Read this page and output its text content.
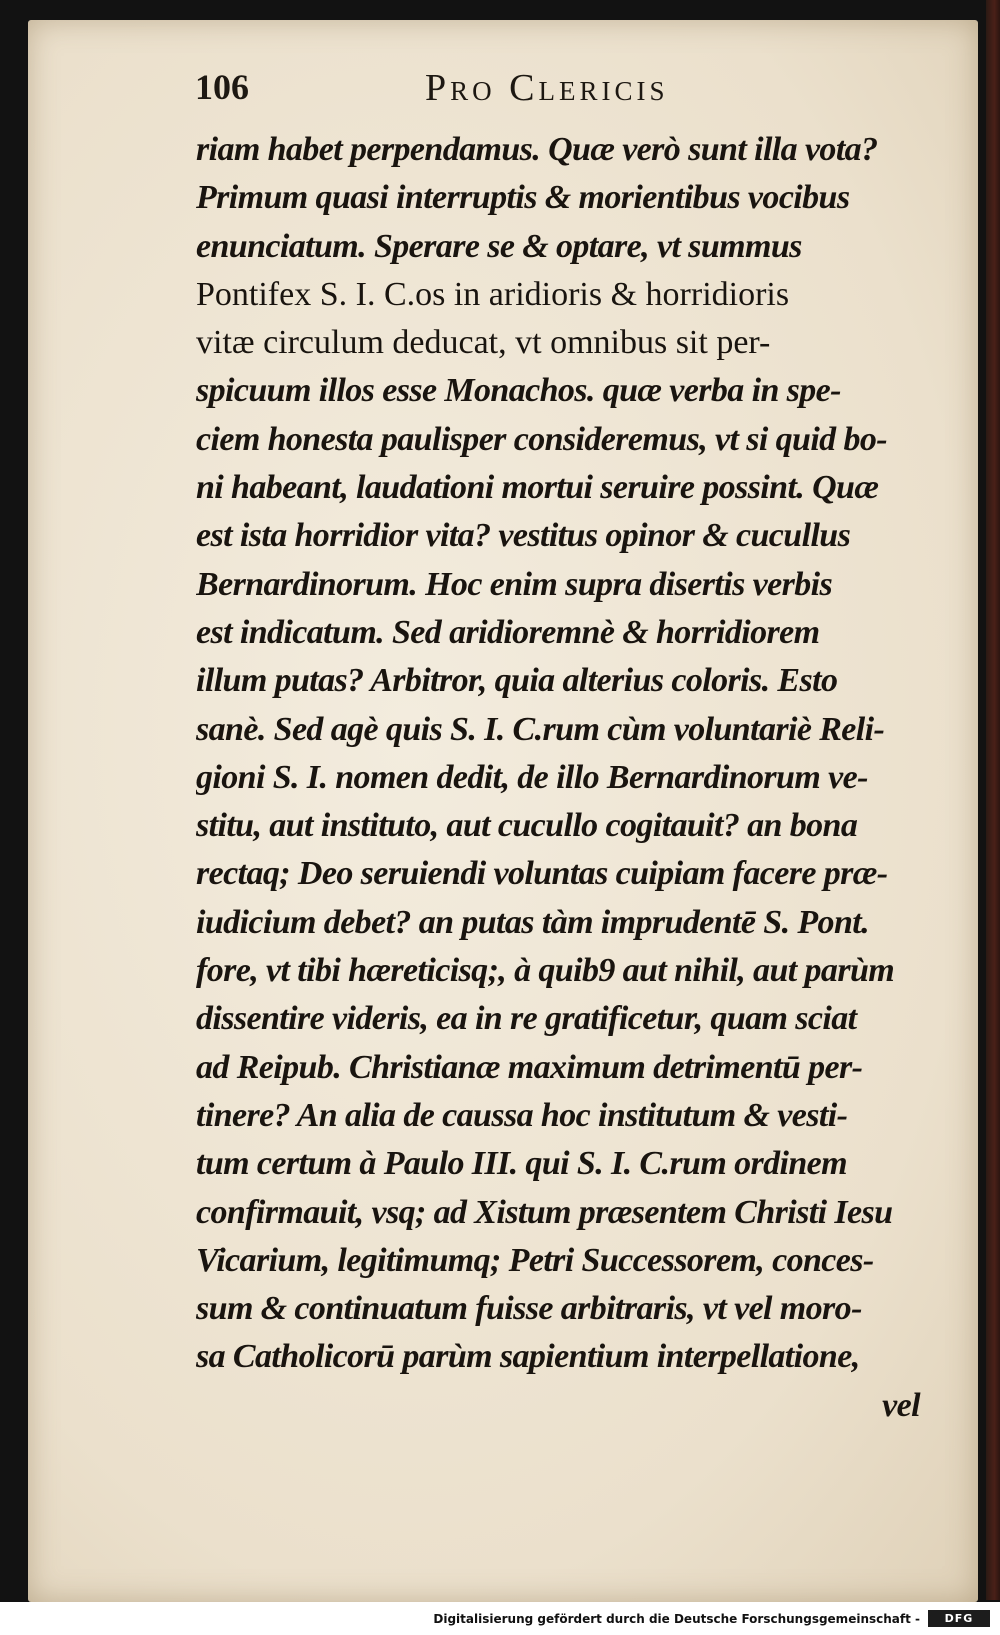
106	Pro Clericis
riam habet perpendamus. Quæ verò sunt illa vota?
Primum quasi interruptis & morientibus vocibus
enunciatum. Sperare se & optare, vt summus
Pontifex S. I. C.os in aridioris & horridioris
vitæ circulum deducat, vt omnibus sit per-
spicuum illos esse Monachos. quæ verba in spe-
ciem honesta paulisper consideremus, vt si quid bo-
ni habeant, laudationi mortui seruire possint. Quæ
est ista horridior vita? vestitus opinor & cucullus
Bernardinorum. Hoc enim supra disertis verbis
est indicatum. Sed aridioremnè & horridiorem
illum putas? Arbitror, quia alterius coloris. Esto
sanè. Sed agè quis S. I. C.rum cùm voluntariè Reli-
gioni S. I. nomen dedit, de illo Bernardinorum ve-
stitu, aut instituto, aut cucullo cogitauit? an bona
rectaq; Deo seruiendi voluntas cuipiam facere præ-
iudicium debet? an putas tàm imprudentē S. Pont.
fore, vt tibi hæreticisq;, à quib9 aut nihil, aut parùm
dissentire videris, ea in re gratificetur, quam sciat
ad Reipub. Christianæ maximum detrimentū per-
tinere? An alia de caussa hoc institutum & vesti-
tum certum à Paulo III. qui S. I. C.rum ordinem
confirmauit, vsq; ad Xistum præsentem Christi Iesu
Vicarium, legitimumq; Petri Successorem, conces-
sum & continuatum fuisse arbitraris, vt vel moro-
sa Catholicorū parùm sapientium interpellatione,
vel
Digitalisierung gefördert durch die Deutsche Forschungsgemeinschaft -	DFG
